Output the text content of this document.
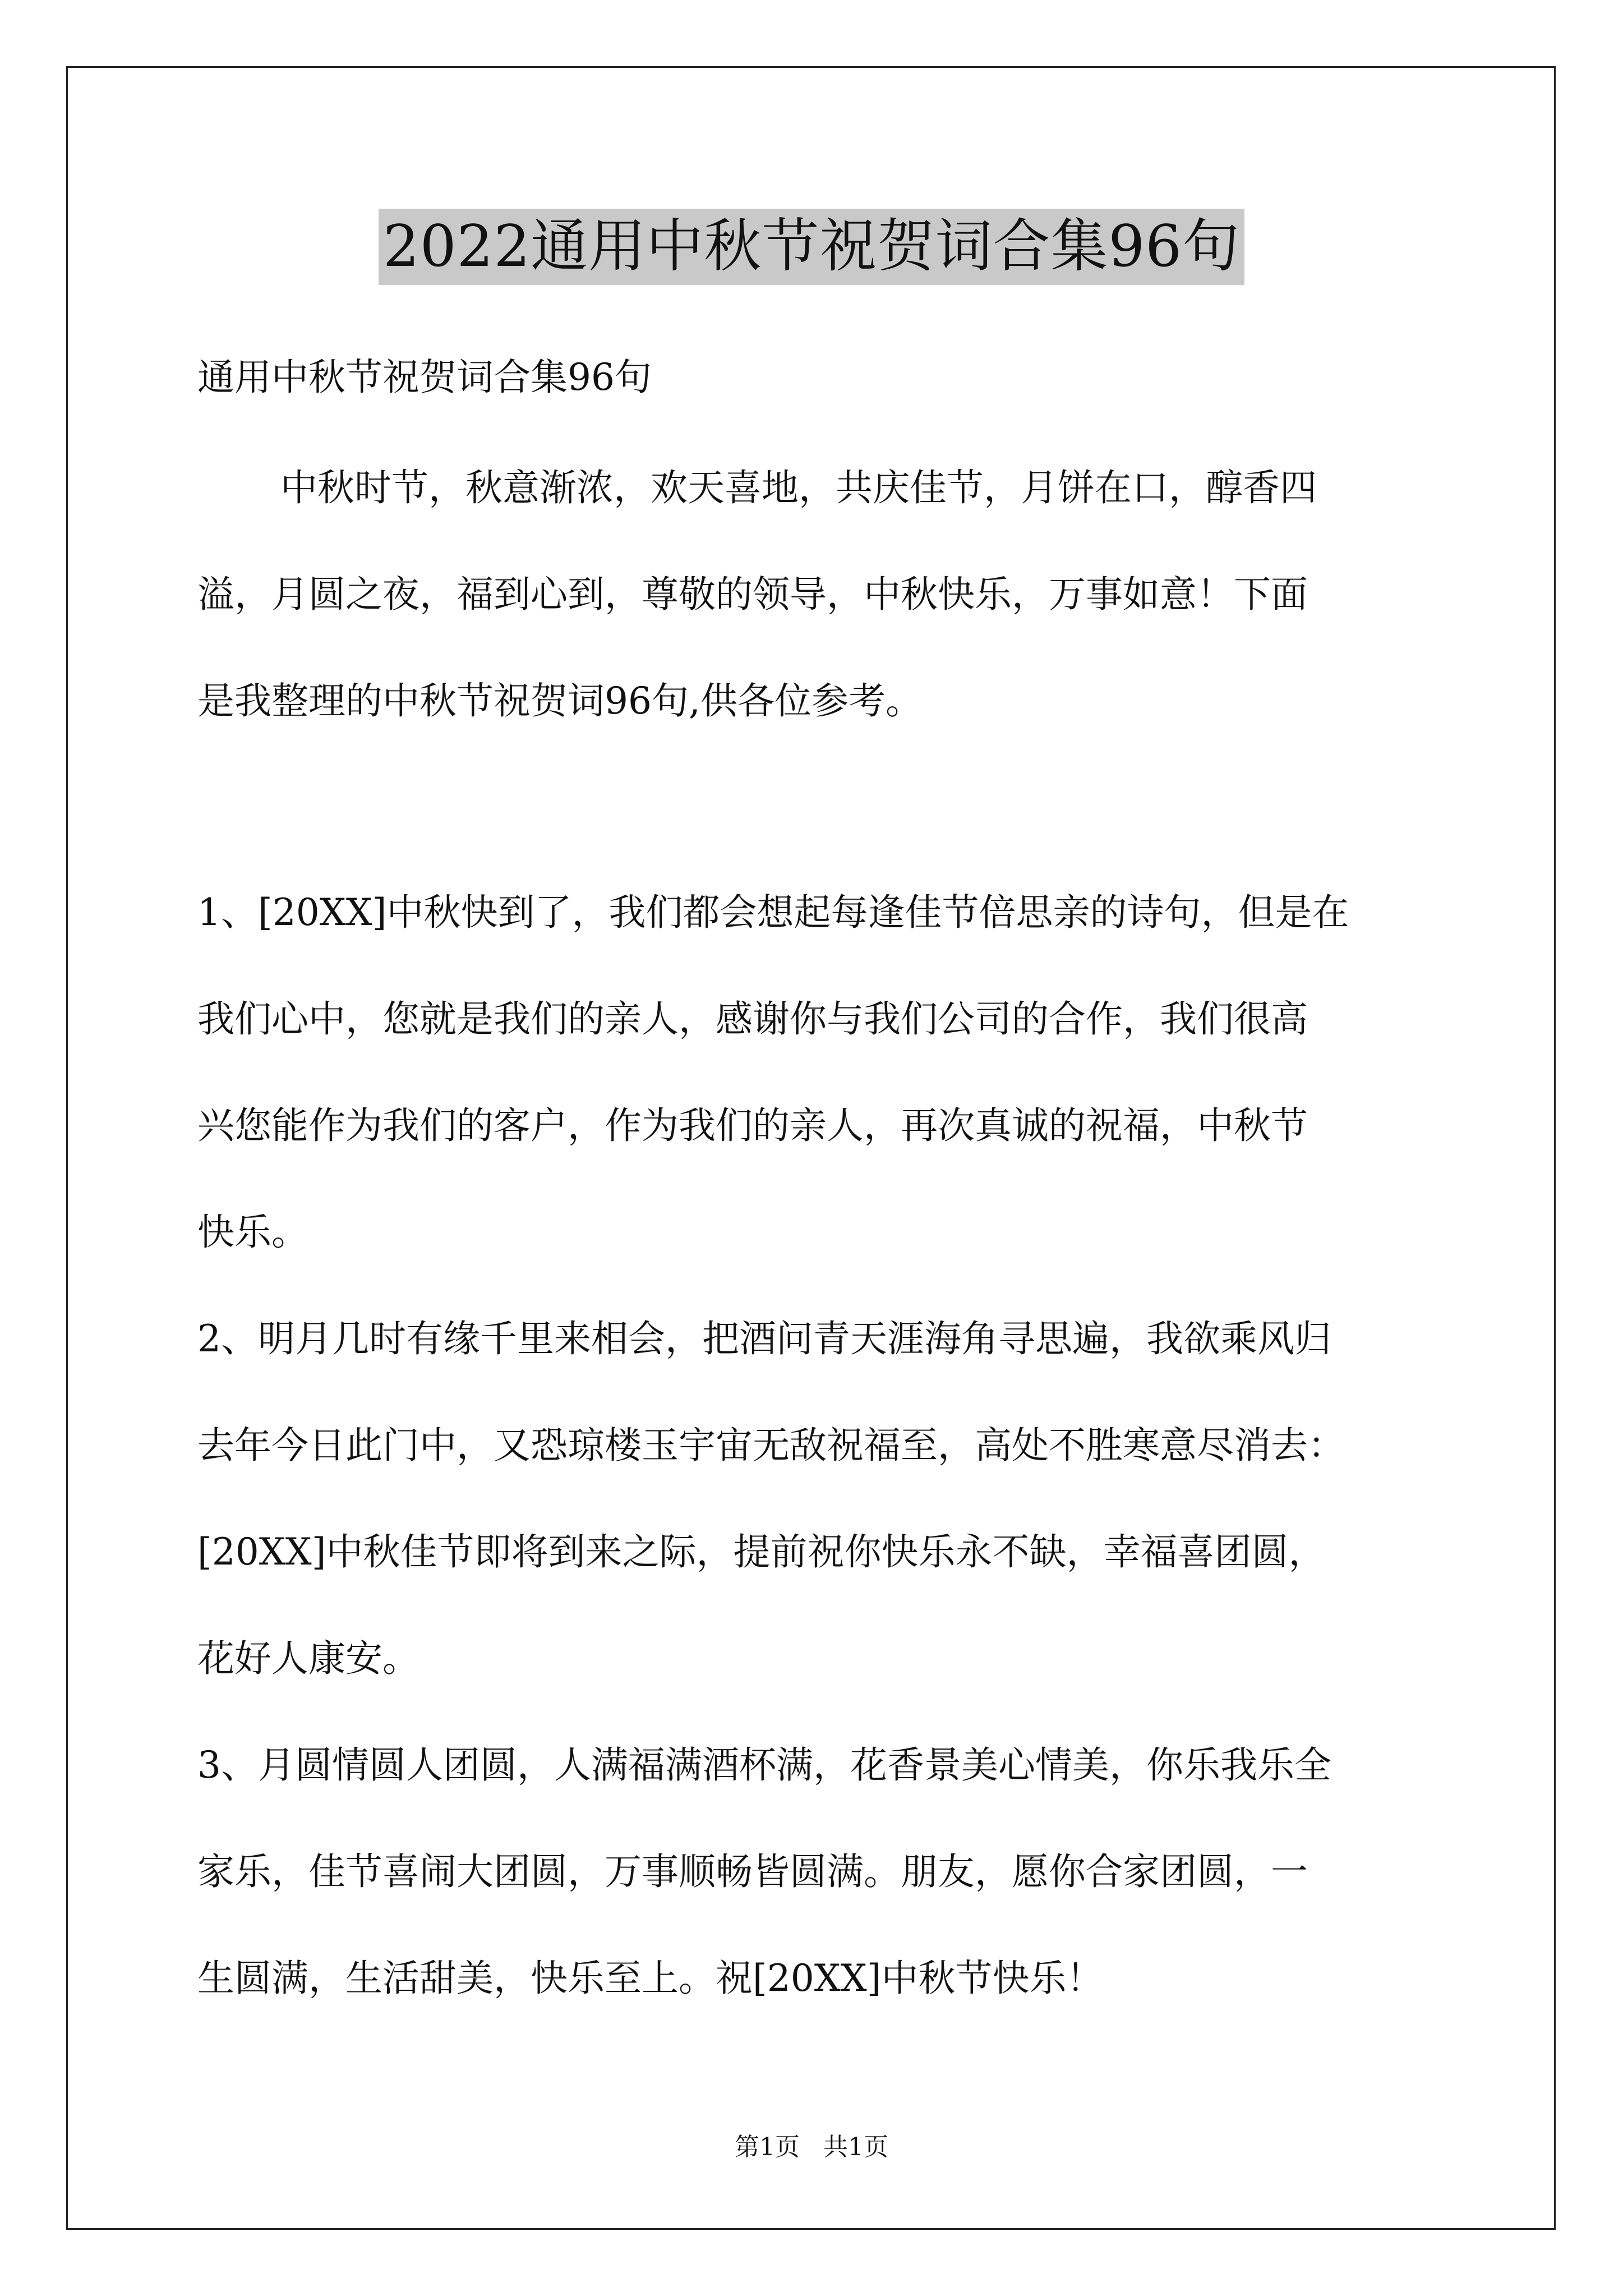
2022通用中秋节祝贺词合集96句
通用中秋节祝贺词合集96句
中秋时节，秋意渐浓，欢天喜地，共庆佳节，月饼在口，醇香四
溢，月圆之夜，福到心到，尊敬的领导，中秋快乐，万事如意！下面
是我整理的中秋节祝贺词96句,供各位参考。
1、[20XX]中秋快到了，我们都会想起每逢佳节倍思亲的诗句，但是在
我们心中，您就是我们的亲人，感谢你与我们公司的合作，我们很高
兴您能作为我们的客户，作为我们的亲人，再次真诚的祝福，中秋节
快乐。
2、明月几时有缘千里来相会，把酒问青天涯海角寻思遍，我欲乘风归
去年今日此门中，又恐琼楼玉宇宙无敌祝福至，高处不胜寒意尽消去：
[20XX]中秋佳节即将到来之际，提前祝你快乐永不缺，幸福喜团圆，
花好人康安。
3、月圆情圆人团圆，人满福满酒杯满，花香景美心情美，你乐我乐全
家乐，佳节喜闹大团圆，万事顺畅皆圆满。朋友，愿你合家团圆，一
生圆满，生活甜美，快乐至上。祝[20XX]中秋节快乐！
第1页 共1页
